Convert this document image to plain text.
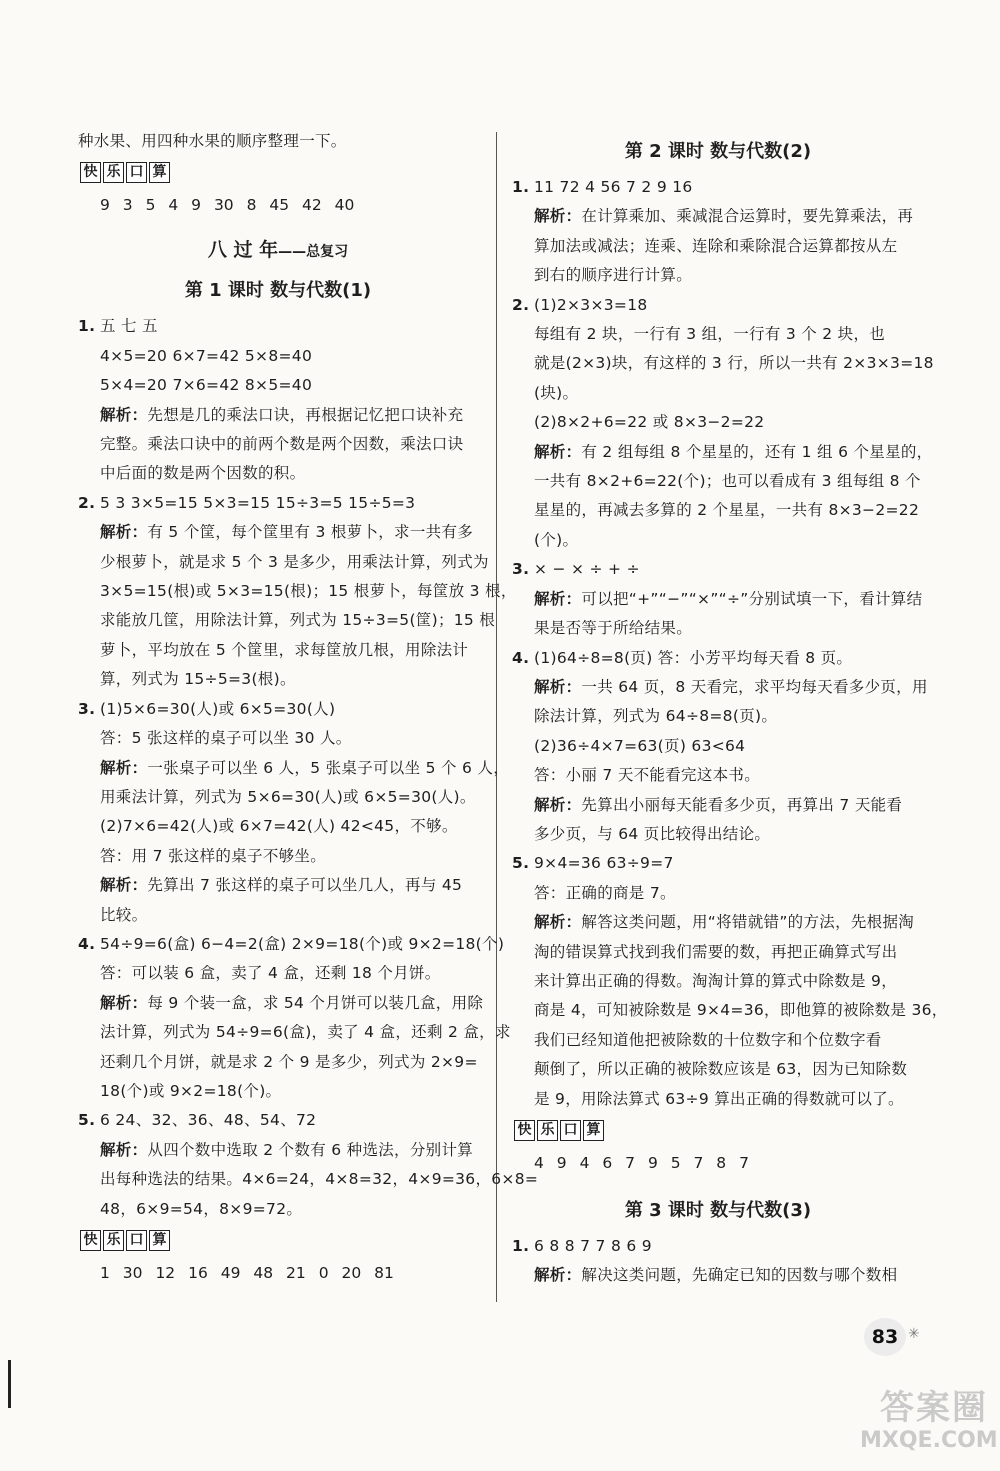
种水果、用四种水果的顺序整理一下。

快 乐 口 算

9 3 5 4 9 30 8 45 42 40

八 过 年——总复习
第 1 课时 数与代数(1)

1. 五 七 五

4×5=20 6×7=42 5×8=40

5×4=20 7×6=42 8×5=40

解析：先想是几的乘法口诀，再根据记忆把口诀补充

完整。乘法口诀中的前两个数是两个因数，乘法口诀

中后面的数是两个因数的积。

2. 5 3 3×5=15 5×3=15 15÷3=5 15÷5=3

解析：有 5 个筐，每个筐里有 3 根萝卜，求一共有多

少根萝卜，就是求 5 个 3 是多少，用乘法计算，列式为

3×5=15(根)或 5×3=15(根)；15 根萝卜，每筐放 3 根，

求能放几筐，用除法计算，列式为 15÷3=5(筐)；15 根

萝卜，平均放在 5 个筐里，求每筐放几根，用除法计

算，列式为 15÷5=3(根)。

3. (1)5×6=30(人)或 6×5=30(人)

答：5 张这样的桌子可以坐 30 人。

解析：一张桌子可以坐 6 人，5 张桌子可以坐 5 个 6 人，

用乘法计算，列式为 5×6=30(人)或 6×5=30(人)。

(2)7×6=42(人)或 6×7=42(人) 42<45，不够。

答：用 7 张这样的桌子不够坐。

解析：先算出 7 张这样的桌子可以坐几人，再与 45

比较。

4. 54÷9=6(盒) 6−4=2(盒) 2×9=18(个)或 9×2=18(个)

答：可以装 6 盒，卖了 4 盒，还剩 18 个月饼。

解析：每 9 个装一盒，求 54 个月饼可以装几盒，用除

法计算，列式为 54÷9=6(盒)，卖了 4 盒，还剩 2 盒，求

还剩几个月饼，就是求 2 个 9 是多少，列式为 2×9=

18(个)或 9×2=18(个)。

5. 6 24、32、36、48、54、72

解析：从四个数中选取 2 个数有 6 种选法，分别计算

出每种选法的结果。4×6=24，4×8=32，4×9=36，6×8=

48，6×9=54，8×9=72。

快 乐 口 算

1 30 12 16 49 48 21 0 20 81

第 2 课时 数与代数(2)

1. 11 72 4 56 7 2 9 16

解析：在计算乘加、乘减混合运算时，要先算乘法，再

算加法或减法；连乘、连除和乘除混合运算都按从左

到右的顺序进行计算。

2. (1)2×3×3=18

每组有 2 块，一行有 3 组，一行有 3 个 2 块，也

就是(2×3)块，有这样的 3 行，所以一共有 2×3×3=18

(块)。

(2)8×2+6=22 或 8×3−2=22

解析：有 2 组每组 8 个星星的，还有 1 组 6 个星星的，

一共有 8×2+6=22(个)；也可以看成有 3 组每组 8 个

星星的，再减去多算的 2 个星星，一共有 8×3−2=22

(个)。

3. × − × ÷ + ÷

解析：可以把“+”“−”“×”“÷”分别试填一下，看计算结

果是否等于所给结果。

4. (1)64÷8=8(页) 答：小芳平均每天看 8 页。

解析：一共 64 页，8 天看完，求平均每天看多少页，用

除法计算，列式为 64÷8=8(页)。

(2)36÷4×7=63(页) 63<64

答：小丽 7 天不能看完这本书。

解析：先算出小丽每天能看多少页，再算出 7 天能看

多少页，与 64 页比较得出结论。

5. 9×4=36 63÷9=7

答：正确的商是 7。

解析：解答这类问题，用“将错就错”的方法，先根据淘

淘的错误算式找到我们需要的数，再把正确算式写出

来计算出正确的得数。淘淘计算的算式中除数是 9，

商是 4，可知被除数是 9×4=36，即他算的被除数是 36，

我们已经知道他把被除数的十位数字和个位数字看

颠倒了，所以正确的被除数应该是 63，因为已知除数

是 9，用除法算式 63÷9 算出正确的得数就可以了。

快 乐 口 算

4 9 4 6 7 9 5 7 8 7

第 3 课时 数与代数(3)

1. 6 8 8 7 7 8 6 9

解析：解决这类问题，先确定已知的因数与哪个数相

83 ✳
答案圈
MXQE.COM
